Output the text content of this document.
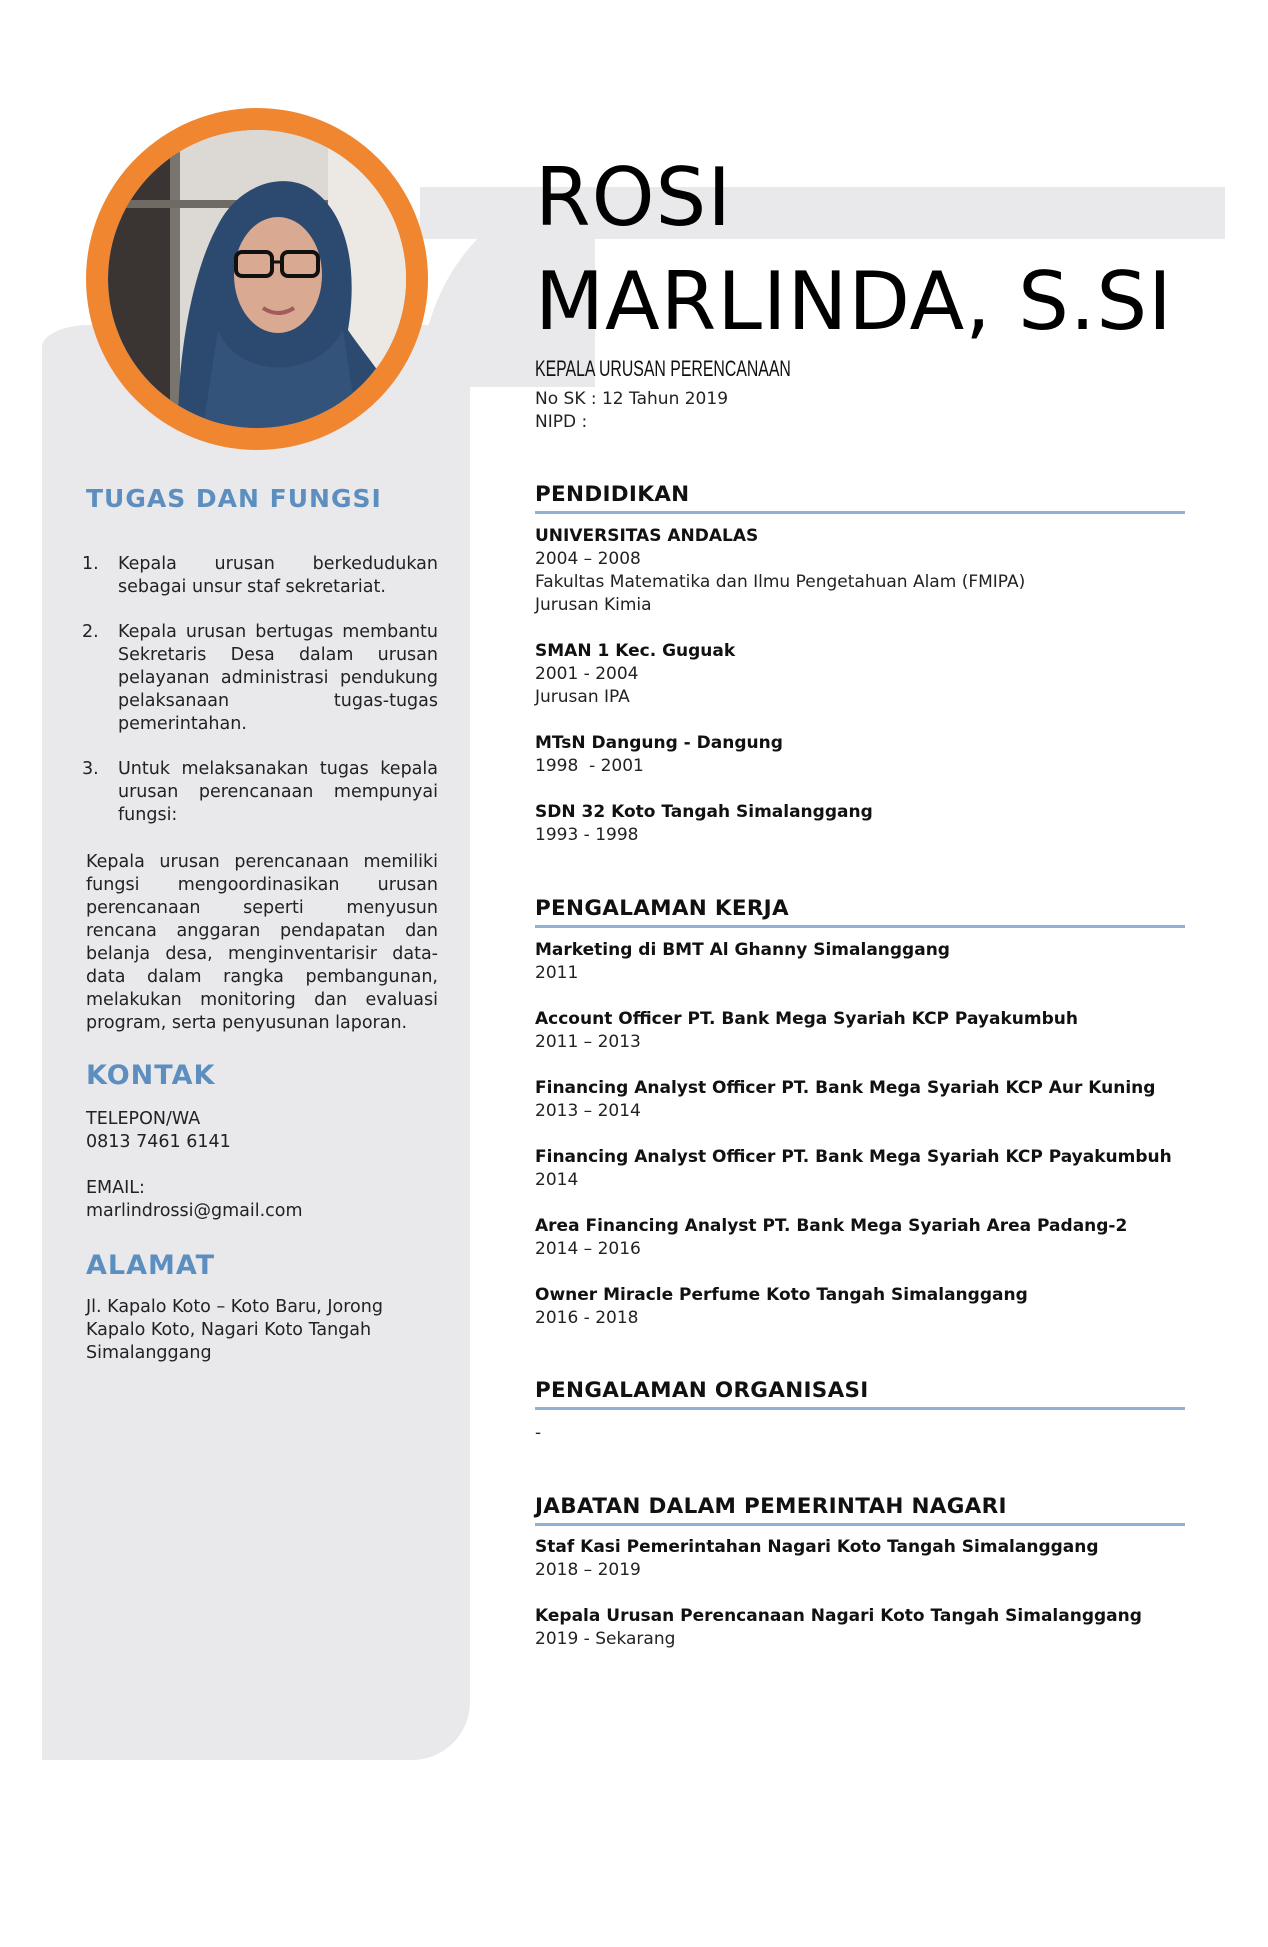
ROSI
MARLINDA, S.SI
KEPALA URUSAN PERENCANAAN
No SK : 12 Tahun 2019
NIPD :
TUGAS DAN FUNGSI
1. Kepala urusan berkedudukan sebagai unsur staf sekretariat.
2. Kepala urusan bertugas membantu Sekretaris Desa dalam urusan pelayanan administrasi pendukung pelaksanaan tugas-tugas pemerintahan.
3. Untuk melaksanakan tugas kepala urusan perencanaan mempunyai fungsi:

Kepala urusan perencanaan memiliki fungsi mengoordinasikan urusan perencanaan seperti menyusun rencana anggaran pendapatan dan belanja desa, menginventarisir data-data dalam rangka pembangunan, melakukan monitoring dan evaluasi program, serta penyusunan laporan.

KONTAK

TELEPON/WA

0813 7461 6141

EMAIL:

marlindrossi@gmail.com

ALAMAT

Jl. Kapalo Koto – Koto Baru, Jorong Kapalo Koto, Nagari Koto Tangah Simalanggang

PENDIDIKAN
UNIVERSITAS ANDALAS
2004 – 2008
Fakultas Matematika dan Ilmu Pengetahuan Alam (FMIPA)
Jurusan Kimia
SMAN 1 Kec. Guguak
2001 - 2004
Jurusan IPA
MTsN Dangung - Dangung
1998  - 2001
SDN 32 Koto Tangah Simalanggang
1993 - 1998
PENGALAMAN KERJA
Marketing di BMT Al Ghanny Simalanggang
2011
Account Officer PT. Bank Mega Syariah KCP Payakumbuh
2011 – 2013
Financing Analyst Officer PT. Bank Mega Syariah KCP Aur Kuning
2013 – 2014
Financing Analyst Officer PT. Bank Mega Syariah KCP Payakumbuh
2014
Area Financing Analyst PT. Bank Mega Syariah Area Padang-2
2014 – 2016
Owner Miracle Perfume Koto Tangah Simalanggang
2016 - 2018
PENGALAMAN ORGANISASI
-
JABATAN DALAM PEMERINTAH NAGARI
Staf Kasi Pemerintahan Nagari Koto Tangah Simalanggang
2018 – 2019
Kepala Urusan Perencanaan Nagari Koto Tangah Simalanggang
2019 - Sekarang
